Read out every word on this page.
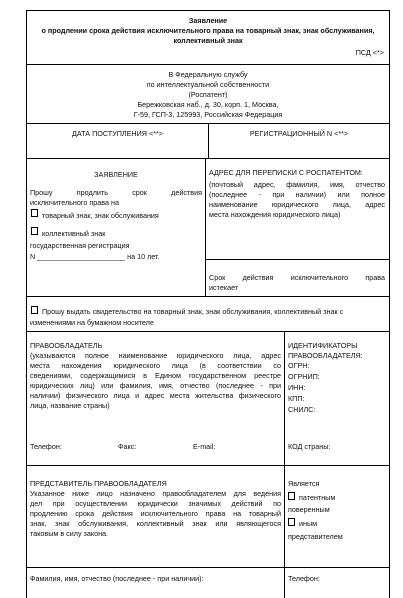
Заявление
о продлении срока действия исключительного права на товарный знак, знак обслуживания,
коллективный знак
ПСД <*>
В Федеральную службу
по интеллектуальной собственности
(Роспатент)
Бережковская наб., д. 30, корп. 1, Москва,
Г-59, ГСП-3, 125993, Российская Федерация
ДАТА ПОСТУПЛЕНИЯ <**>	РЕГИСТРАЦИОННЫЙ N <**>
ЗАЯВЛЕНИЕ
Прошу продлить срок действия
исключительного права на
товарный знак, знак обслуживания
коллективный знак
государственная регистрация
N ______________________ на 10 лет.
АДРЕС ДЛЯ ПЕРЕПИСКИ С РОСПАТЕНТОМ:
(почтовый адрес, фамилия, имя, отчество
(последнее - при наличии) или полное
наименование юридического лица, адрес
места нахождения юридического лица)
Срок действия исключительного права
истекает
Прошу выдать свидетельство на товарный знак, знак обслуживания, коллективный знак с
изменениями на бумажном носителе
ПРАВООБЛАДАТЕЛЬ
(указываются полное наименование юридического лица, адрес
места нахождения юридического лица (в соответствии со
сведениями, содержащимися в Едином государственном реестре
юридических лиц) или фамилия, имя, отчество (последнее - при
наличии) физического лица и адрес места жительства физического
лица, название страны)
Телефон:	Факс:	E-mail:
ИДЕНТИФИКАТОРЫ
ПРАВООБЛАДАТЕЛЯ:
ОГРН:
ОГРНИП:
ИНН:
КПП:
СНИЛС:
КОД страны:
ПРЕДСТАВИТЕЛЬ ПРАВООБЛАДАТЕЛЯ
Указанное ниже лицо назначено правообладателем для ведения
дел при осуществлении юридически значимых действий по
продлению срока действия исключительного права на товарный
знак, знак обслуживания, коллективный знак или являющегося
таковым в силу закона.
Является
патентным
поверенным
иным
представителем
Фамилия, имя, отчество (последнее - при наличии):	Телефон:
